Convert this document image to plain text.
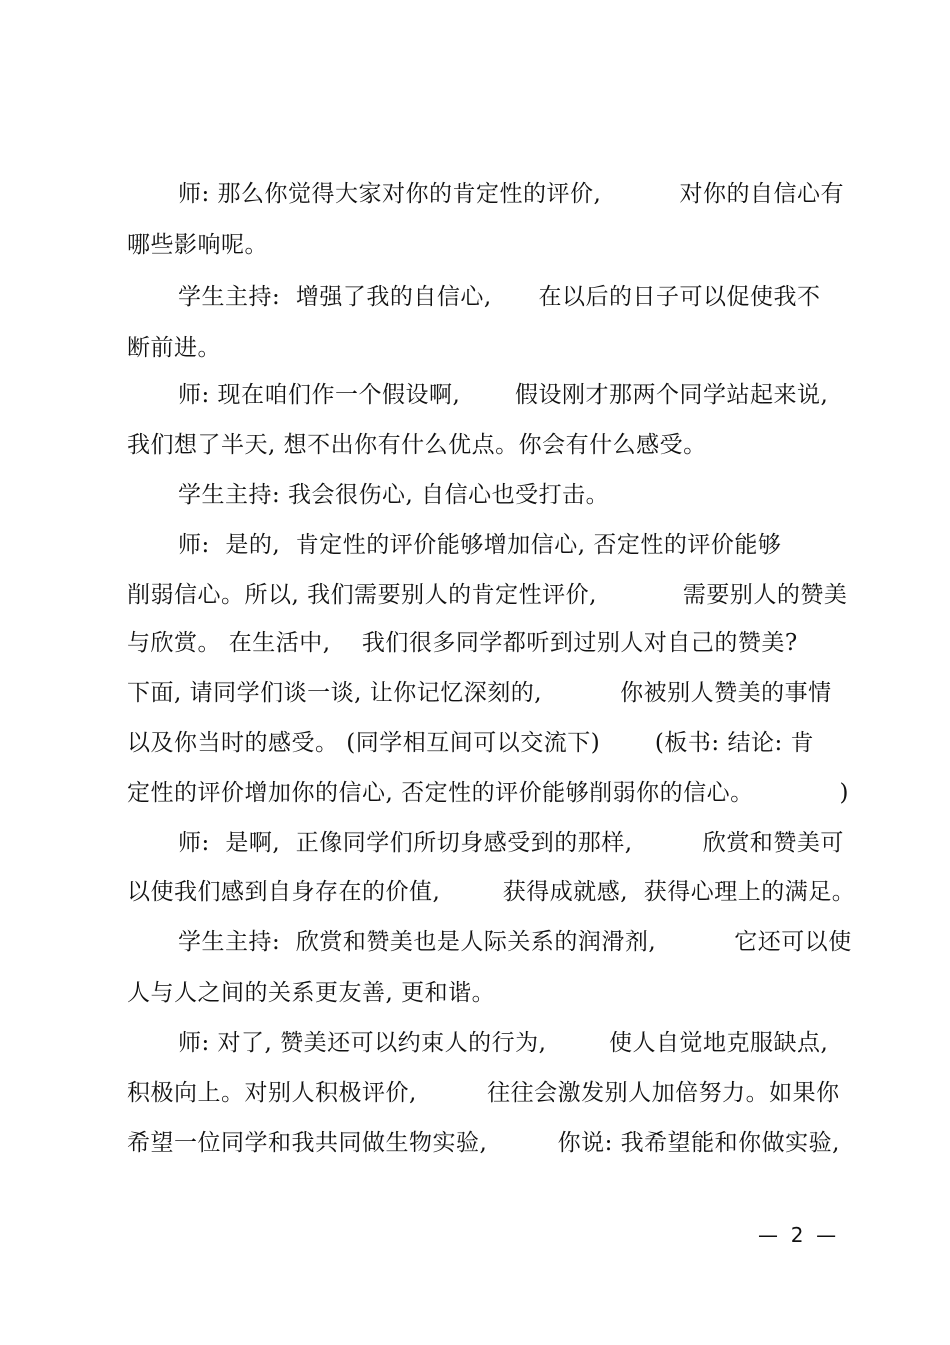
师: 那么你觉得大家对你的肯定性的评价,          对你的自信心有
哪些影响呢。
学生主持:  增强了我的自信心,      在以后的日子可以促使我不
断前进。
师: 现在咱们作一个假设啊,       假设刚才那两个同学站起来说,
我们想了半天, 想不出你有什么优点。你会有什么感受。
学生主持: 我会很伤心, 自信心也受打击。
师:  是的,  肯定性的评价能够增加信心, 否定性的评价能够
削弱信心。所以, 我们需要别人的肯定性评价,           需要别人的赞美
与欣赏。 在生活中,    我们很多同学都听到过别人对自己的赞美?
下面, 请同学们谈一谈, 让你记忆深刻的,          你被别人赞美的事情
以及你当时的感受。 (同学相互间可以交流下)       (板书: 结论: 肯
定性的评价增加你的信心, 否定性的评价能够削弱你的信心。           )
师:  是啊,  正像同学们所切身感受到的那样,         欣赏和赞美可
以使我们感到自身存在的价值,        获得成就感,  获得心理上的满足。
学生主持:  欣赏和赞美也是人际关系的润滑剂,          它还可以使
人与人之间的关系更友善, 更和谐。
师: 对了, 赞美还可以约束人的行为,        使人自觉地克服缺点,
积极向上。对别人积极评价,         往往会激发别人加倍努力。如果你
希望一位同学和我共同做生物实验,         你说: 我希望能和你做实验,
—  2  —
